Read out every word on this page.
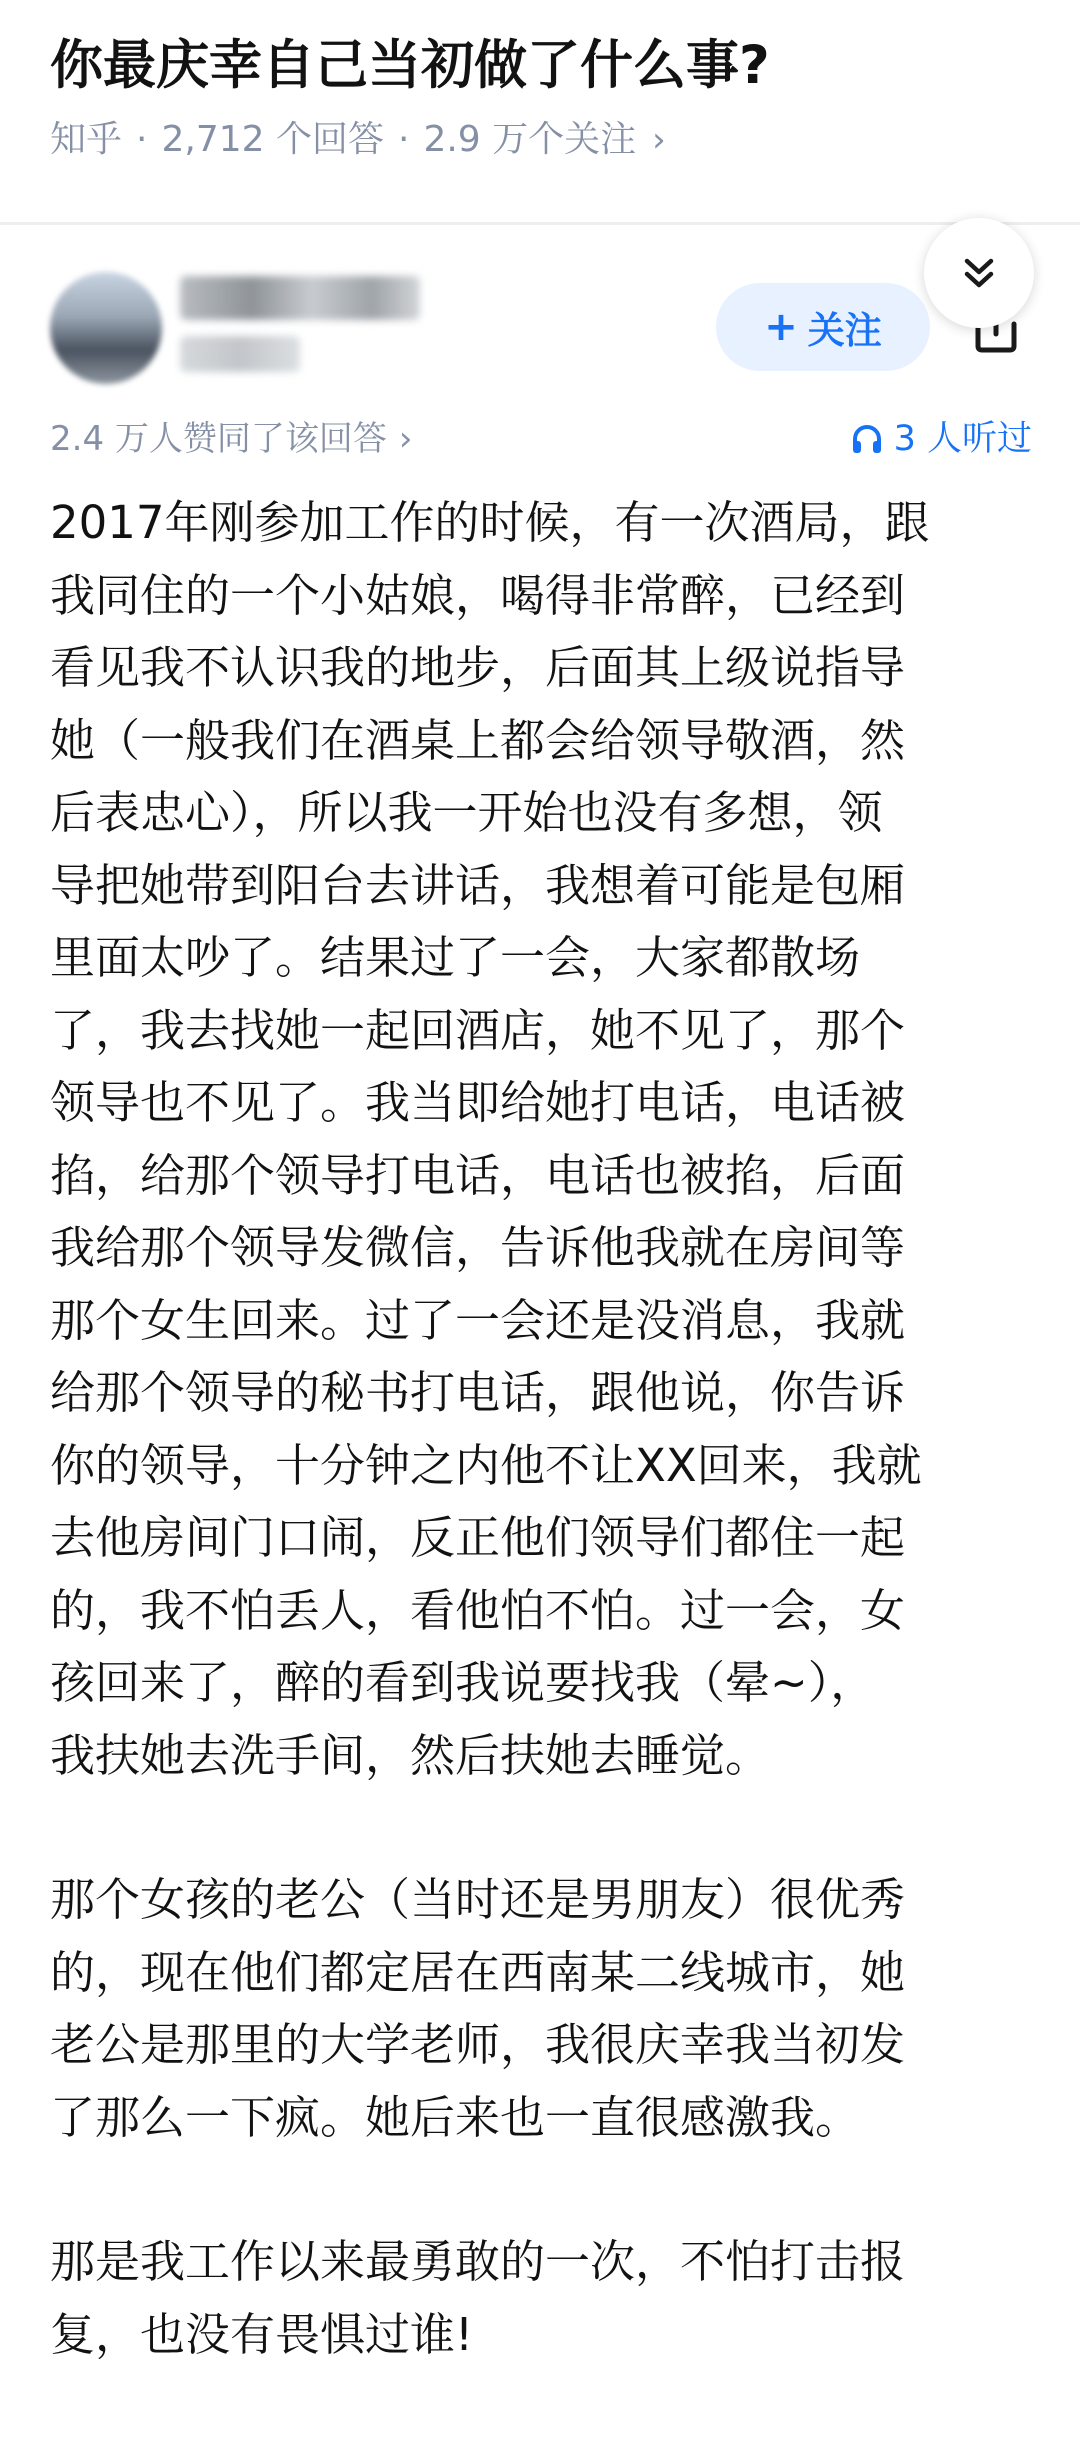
你最庆幸自己当初做了什么事?
知乎 · 2,712 个回答 · 2.9 万个关注 ›
+ 关注
2.4 万人赞同了该回答 ›	3 人听过

2017年刚参加工作的时候，有一次酒局，跟
我同住的一个小姑娘，喝得非常醉，已经到
看见我不认识我的地步，后面其上级说指导
她（一般我们在酒桌上都会给领导敬酒，然
后表忠心），所以我一开始也没有多想，领
导把她带到阳台去讲话，我想着可能是包厢
里面太吵了。结果过了一会，大家都散场
了，我去找她一起回酒店，她不见了，那个
领导也不见了。我当即给她打电话，电话被
掐，给那个领导打电话，电话也被掐，后面
我给那个领导发微信，告诉他我就在房间等
那个女生回来。过了一会还是没消息，我就
给那个领导的秘书打电话，跟他说，你告诉
你的领导，十分钟之内他不让XX回来，我就
去他房间门口闹，反正他们领导们都住一起
的，我不怕丢人，看他怕不怕。过一会，女
孩回来了，醉的看到我说要找我（晕~），
我扶她去洗手间，然后扶她去睡觉。

那个女孩的老公（当时还是男朋友）很优秀
的，现在他们都定居在西南某二线城市，她
老公是那里的大学老师，我很庆幸我当初发
了那么一下疯。她后来也一直很感激我。

那是我工作以来最勇敢的一次，不怕打击报
复，也没有畏惧过谁!
